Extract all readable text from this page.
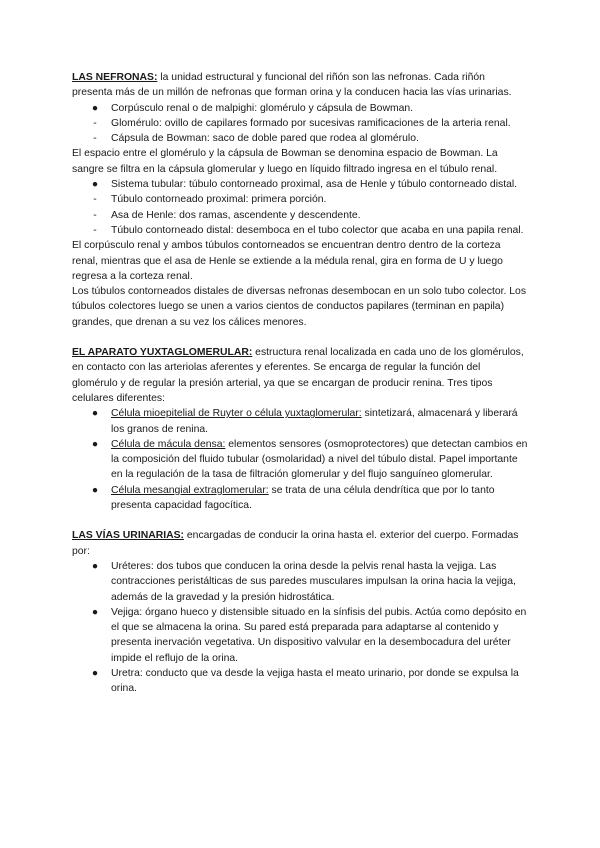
LAS NEFRONAS: la unidad estructural y funcional del riñón son las nefronas. Cada riñón presenta más de un millón de nefronas que forman orina y la conducen hacia las vías urinarias.

● Corpúsculo renal o de malpighi: glomérulo y cápsula de Bowman.
-	Glomérulo: ovillo de capilares formado por sucesivas ramificaciones de la arteria renal.
-	Cápsula de Bowman: saco de doble pared que rodea al glomérulo.

El espacio entre el glomérulo y la cápsula de Bowman se denomina espacio de Bowman. La sangre se filtra en la cápsula glomerular y luego en líquido filtrado ingresa en el túbulo renal.

● Sistema tubular: túbulo contorneado proximal, asa de Henle y túbulo contorneado distal.
-	Túbulo contorneado proximal: primera porción.
-	Asa de Henle: dos ramas, ascendente y descendente.
-	Túbulo contorneado distal: desemboca en el tubo colector que acaba en una papila renal.

El corpúsculo renal y ambos túbulos contorneados se encuentran dentro dentro de la corteza renal, mientras que el asa de Henle se extiende a la médula renal, gira en forma de U y luego regresa a la corteza renal.

Los túbulos contorneados distales de diversas nefronas desembocan en un solo tubo colector. Los túbulos colectores luego se unen a varios cientos de conductos papilares (terminan en papila) grandes, que drenan a su vez los cálices menores.

EL APARATO YUXTAGLOMERULAR: estructura renal localizada en cada uno de los glomérulos, en contacto con las arteriolas aferentes y eferentes. Se encarga de regular la función del glomérulo y de regular la presión arterial, ya que se encargan de producir renina. Tres tipos celulares diferentes:

● Célula mioepitelial de Ruyter o célula yuxtaglomerular: sintetizará, almacenará y liberará los granos de renina.
● Célula de mácula densa: elementos sensores (osmoprotectores) que detectan cambios en la composición del fluido tubular (osmolaridad) a nivel del túbulo distal. Papel importante en la regulación de la tasa de filtración glomerular y del flujo sanguíneo glomerular.
● Célula mesangial extraglomerular: se trata de una célula dendrítica que por lo tanto presenta capacidad fagocítica.

LAS VÍAS URINARIAS: encargadas de conducir la orina hasta el. exterior del cuerpo. Formadas por:

● Uréteres: dos tubos que conducen la orina desde la pelvis renal hasta la vejiga. Las contracciones peristálticas de sus paredes musculares impulsan la orina hacia la vejiga, además de la gravedad y la presión hidrostática.
● Vejiga: órgano hueco y distensible situado en la sínfisis del pubis. Actúa como depósito en el que se almacena la orina. Su pared está preparada para adaptarse al contenido y presenta inervación vegetativa. Un dispositivo valvular en la desembocadura del uréter impide el reflujo de la orina.
● Uretra: conducto que va desde la vejiga hasta el meato urinario, por donde se expulsa la orina.
